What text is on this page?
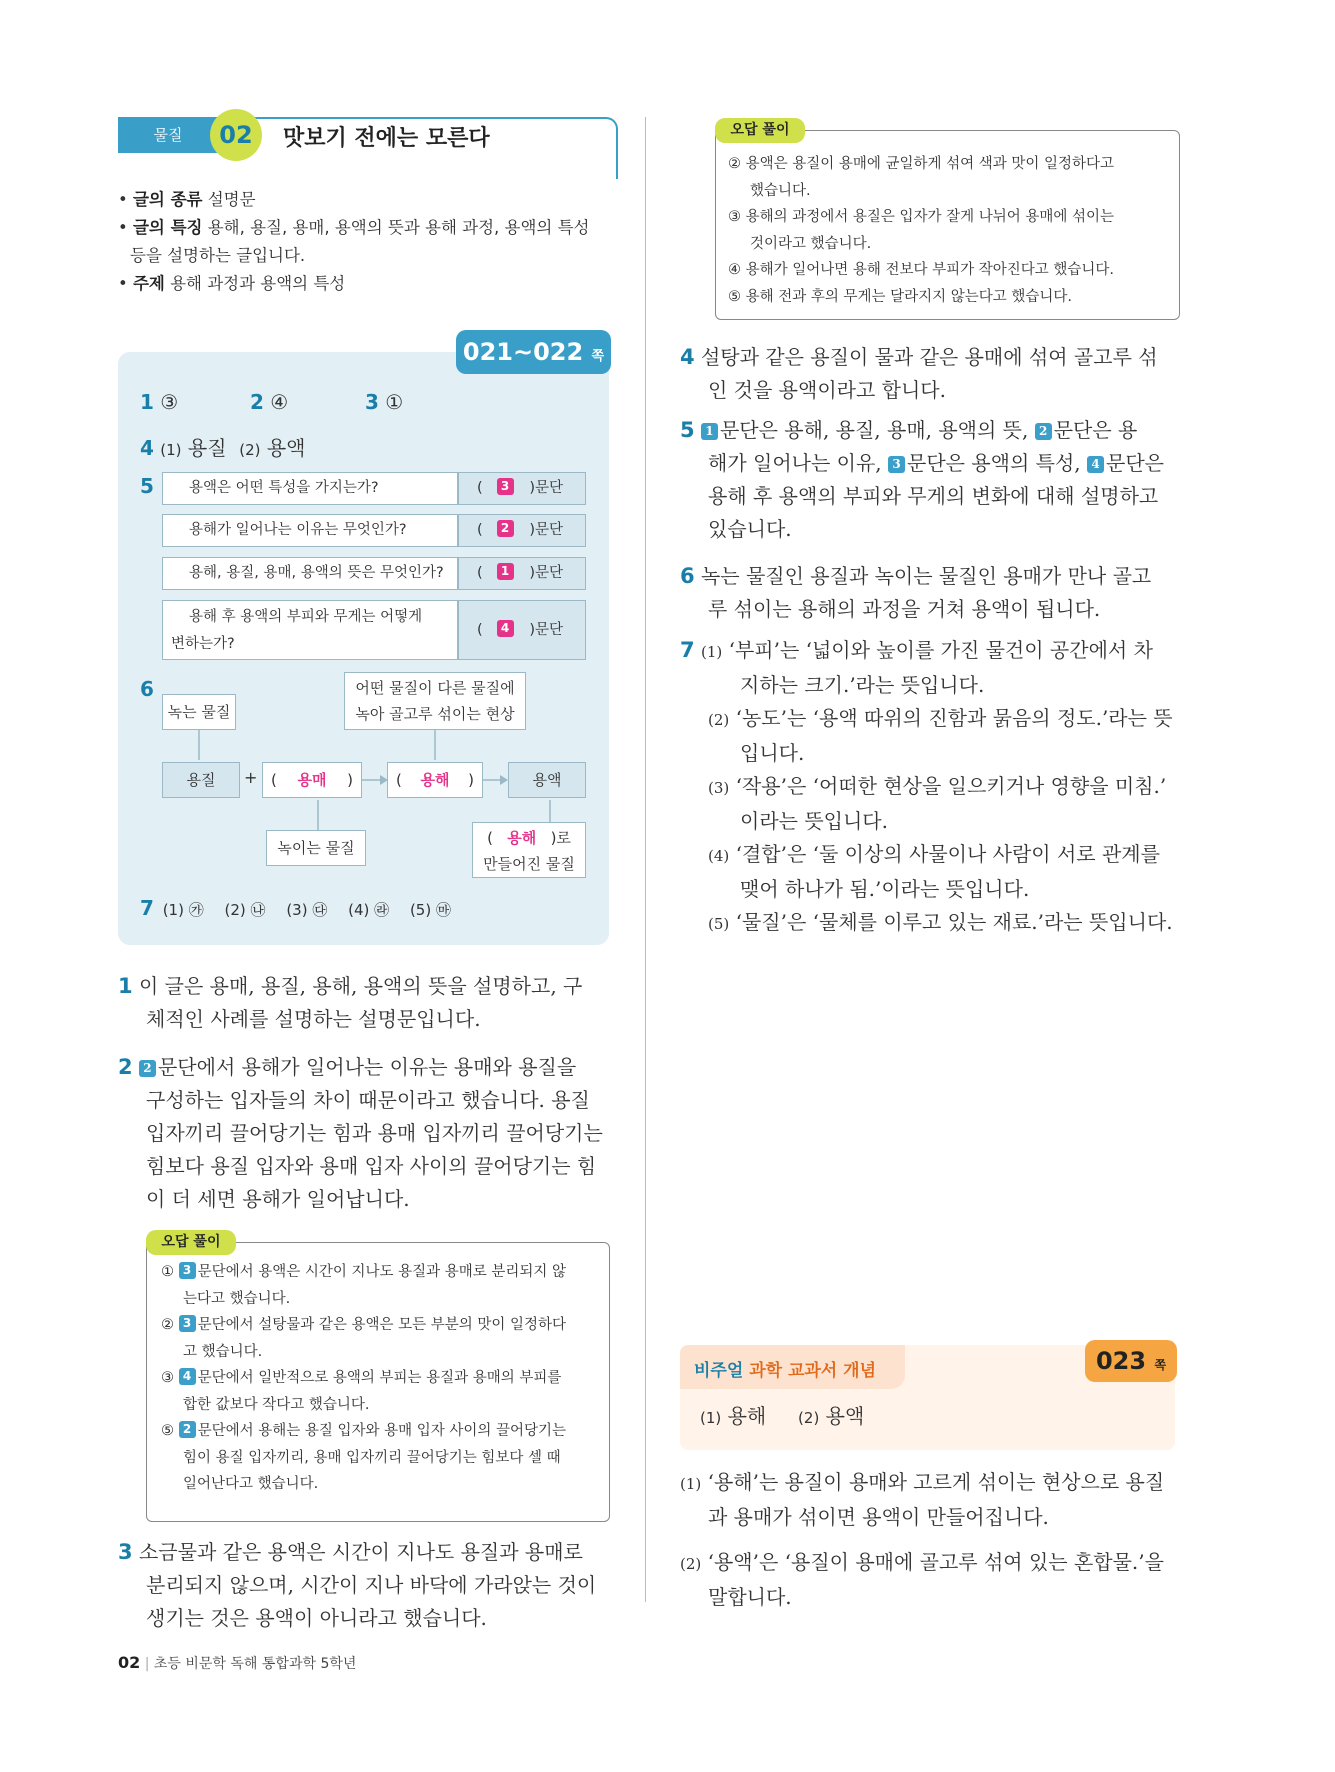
물질	02	맛보기 전에는 모른다
• 글의 종류 설명문
• 글의 특징 용해, 용질, 용매, 용액의 뜻과 용해 과정, 용액의 특성
등을 설명하는 글입니다.
• 주제 용해 과정과 용액의 특성
021~022 쪽
1 ③	2 ④	3 ①
4 (1) 용질 (2) 용액
5	용액은 어떤 특성을 가지는가?	( 3 )문단
용해가 일어나는 이유는 무엇인가?	( 2 )문단
용해, 용질, 용매, 용액의 뜻은 무엇인가?	( 1 )문단
용해 후 용액의 부피와 무게는 어떻게
변하는가?
( 4 )문단
6
녹는 물질
어떤 물질이 다른 물질에
녹아 골고루 섞이는 현상
용질	+ ( 용매 )	( 용해 )	용액
녹이는 물질
( 용해 )로
만들어진 물질
7 (1) ㉮ (2) ㉯ (3) ㉰ (4) ㉱ (5) ㉲
1 이 글은 용매, 용질, 용해, 용액의 뜻을 설명하고, 구
체적인 사례를 설명하는 설명문입니다.
2 2 문단에서 용해가 일어나는 이유는 용매와 용질을
구성하는 입자들의 차이 때문이라고 했습니다. 용질
입자끼리 끌어당기는 힘과 용매 입자끼리 끌어당기는
힘보다 용질 입자와 용매 입자 사이의 끌어당기는 힘
이 더 세면 용해가 일어납니다.
① 3 문단에서 용액은 시간이 지나도 용질과 용매로 분리되지 않
는다고 했습니다.
② 3 문단에서 설탕물과 같은 용액은 모든 부분의 맛이 일정하다
고 했습니다.
③ 4 문단에서 일반적으로 용액의 부피는 용질과 용매의 부피를
합한 값보다 작다고 했습니다.
⑤ 2 문단에서 용해는 용질 입자와 용매 입자 사이의 끌어당기는
힘이 용질 입자끼리, 용매 입자끼리 끌어당기는 힘보다 셀 때
일어난다고 했습니다.
오답 풀이
3 소금물과 같은 용액은 시간이 지나도 용질과 용매로
분리되지 않으며, 시간이 지나 바닥에 가라앉는 것이
생기는 것은 용액이 아니라고 했습니다.
② 용액은 용질이 용매에 균일하게 섞여 색과 맛이 일정하다고
했습니다.
③ 용해의 과정에서 용질은 입자가 잘게 나뉘어 용매에 섞이는
것이라고 했습니다.
④ 용해가 일어나면 용해 전보다 부피가 작아진다고 했습니다.
⑤ 용해 전과 후의 무게는 달라지지 않는다고 했습니다.
오답 풀이
4 설탕과 같은 용질이 물과 같은 용매에 섞여 골고루 섞
인 것을 용액이라고 합니다.
5 1 문단은 용해, 용질, 용매, 용액의 뜻, 2 문단은 용
해가 일어나는 이유, 3 문단은 용액의 특성, 4 문단은
용해 후 용액의 부피와 무게의 변화에 대해 설명하고
있습니다.
6 녹는 물질인 용질과 녹이는 물질인 용매가 만나 골고
루 섞이는 용해의 과정을 거쳐 용액이 됩니다.
7 (1) ‘부피’는 ‘넓이와 높이를 가진 물건이 공간에서 차
지하는 크기.’라는 뜻입니다.
(2) ‘농도’는 ‘용액 따위의 진함과 묽음의 정도.’라는 뜻
입니다.
(3) ‘작용’은 ‘어떠한 현상을 일으키거나 영향을 미침.’
이라는 뜻입니다.
(4) ‘결합’은 ‘둘 이상의 사물이나 사람이 서로 관계를
맺어 하나가 됨.’이라는 뜻입니다.
(5) ‘물질’은 ‘물체를 이루고 있는 재료.’라는 뜻입니다.
비주얼 과학 교과서 개념	023 쪽
(1) 용해 (2) 용액
(1) ‘용해’는 용질이 용매와 고르게 섞이는 현상으로 용질
과 용매가 섞이면 용액이 만들어집니다.
(2) ‘용액’은 ‘용질이 용매에 골고루 섞여 있는 혼합물.’을
말합니다.
02 | 초등 비문학 독해 통합과학 5학년
